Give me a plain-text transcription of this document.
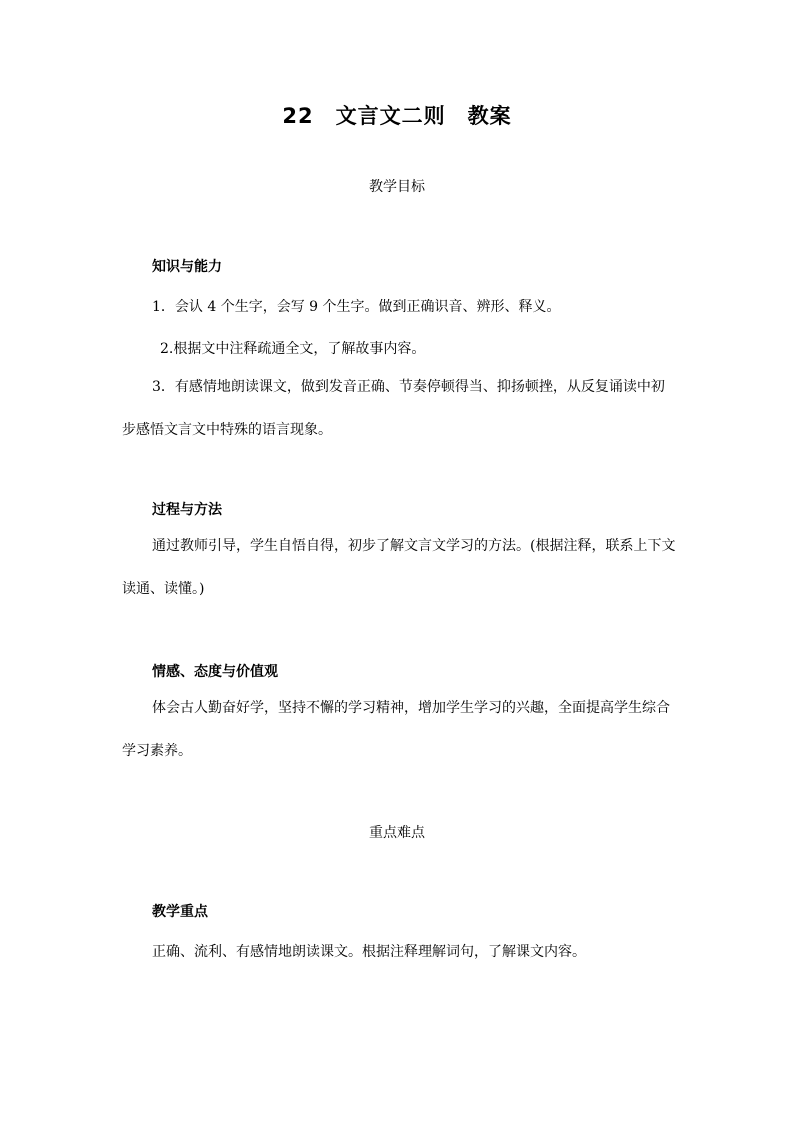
22　文言文二则　教案
教学目标
知识与能力
1．会认 4 个生字，会写 9 个生字。做到正确识音、辨形、释义。
2.根据文中注释疏通全文，了解故事内容。
3．有感情地朗读课文，做到发音正确、节奏停顿得当、抑扬顿挫，从反复诵读中初步感悟文言文中特殊的语言现象。
过程与方法
通过教师引导，学生自悟自得，初步了解文言文学习的方法。(根据注释，联系上下文读通、读懂。)
情感、态度与价值观
体会古人勤奋好学，坚持不懈的学习精神，增加学生学习的兴趣，全面提高学生综合学习素养。
重点难点
教学重点
正确、流利、有感情地朗读课文。根据注释理解词句，了解课文内容。
